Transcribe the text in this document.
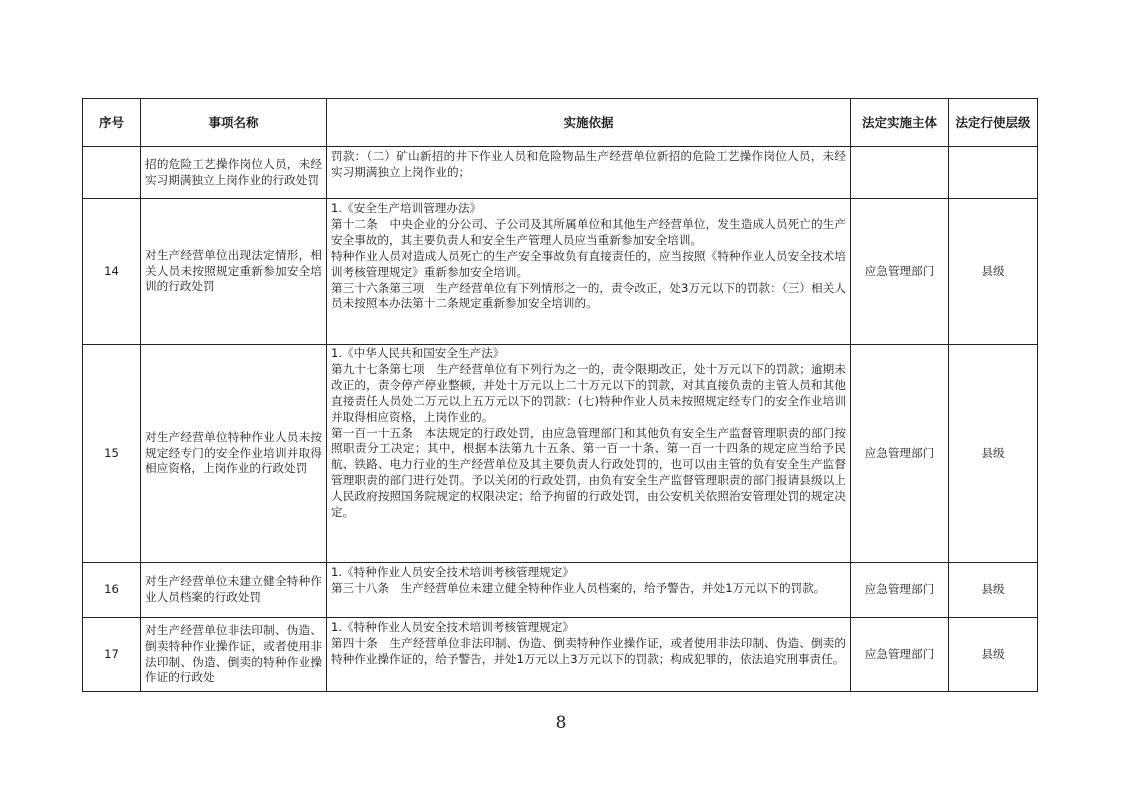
序号	事项名称	实施依据	法定实施主体	法定行使层级
	招的危险工艺操作岗位人员，未经实习期满独立上岗作业的行政处罚	罚款：（二）矿山新招的井下作业人员和危险物品生产经营单位新招的危险工艺操作岗位人员，未经实习期满独立上岗作业的；		

14	对生产经营单位出现法定情形，相关人员未按照规定重新参加安全培训的行政处罚	1.《安全生产培训管理办法》
第十二条　中央企业的分公司、子公司及其所属单位和其他生产经营单位，发生造成人员死亡的生产安全事故的，其主要负责人和安全生产管理人员应当重新参加安全培训。
特种作业人员对造成人员死亡的生产安全事故负有直接责任的，应当按照《特种作业人员安全技术培训考核管理规定》重新参加安全培训。
第三十六条第三项　生产经营单位有下列情形之一的，责令改正，处3万元以下的罚款：（三）相关人员未按照本办法第十二条规定重新参加安全培训的。	应急管理部门	县级
15	对生产经营单位特种作业人员未按规定经专门的安全作业培训并取得相应资格，上岗作业的行政处罚	1.《中华人民共和国安全生产法》
第九十七条第七项　生产经营单位有下列行为之一的，责令限期改正，处十万元以下的罚款；逾期未改正的，责令停产停业整顿，并处十万元以上二十万元以下的罚款，对其直接负责的主管人员和其他直接责任人员处二万元以上五万元以下的罚款：(七)特种作业人员未按照规定经专门的安全作业培训并取得相应资格，上岗作业的。
第一百一十五条　本法规定的行政处罚，由应急管理部门和其他负有安全生产监督管理职责的部门按照职责分工决定；其中，根据本法第九十五条、第一百一十条、第一百一十四条的规定应当给予民航、铁路、电力行业的生产经营单位及其主要负责人行政处罚的，也可以由主管的负有安全生产监督管理职责的部门进行处罚。予以关闭的行政处罚，由负有安全生产监督管理职责的部门报请县级以上人民政府按照国务院规定的权限决定；给予拘留的行政处罚，由公安机关依照治安管理处罚的规定决定。	应急管理部门	县级
16	对生产经营单位未建立健全特种作业人员档案的行政处罚	1.《特种作业人员安全技术培训考核管理规定》
第三十八条　生产经营单位未建立健全特种作业人员档案的，给予警告，并处1万元以下的罚款。	应急管理部门	县级
17	对生产经营单位非法印制、伪造、倒卖特种作业操作证，或者使用非法印制、伪造、倒卖的特种作业操作证的行政处	1.《特种作业人员安全技术培训考核管理规定》
第四十条　生产经营单位非法印制、伪造、倒卖特种作业操作证，或者使用非法印制、伪造、倒卖的特种作业操作证的，给予警告，并处1万元以上3万元以下的罚款；构成犯罪的，依法追究刑事责任。	应急管理部门	县级
8
